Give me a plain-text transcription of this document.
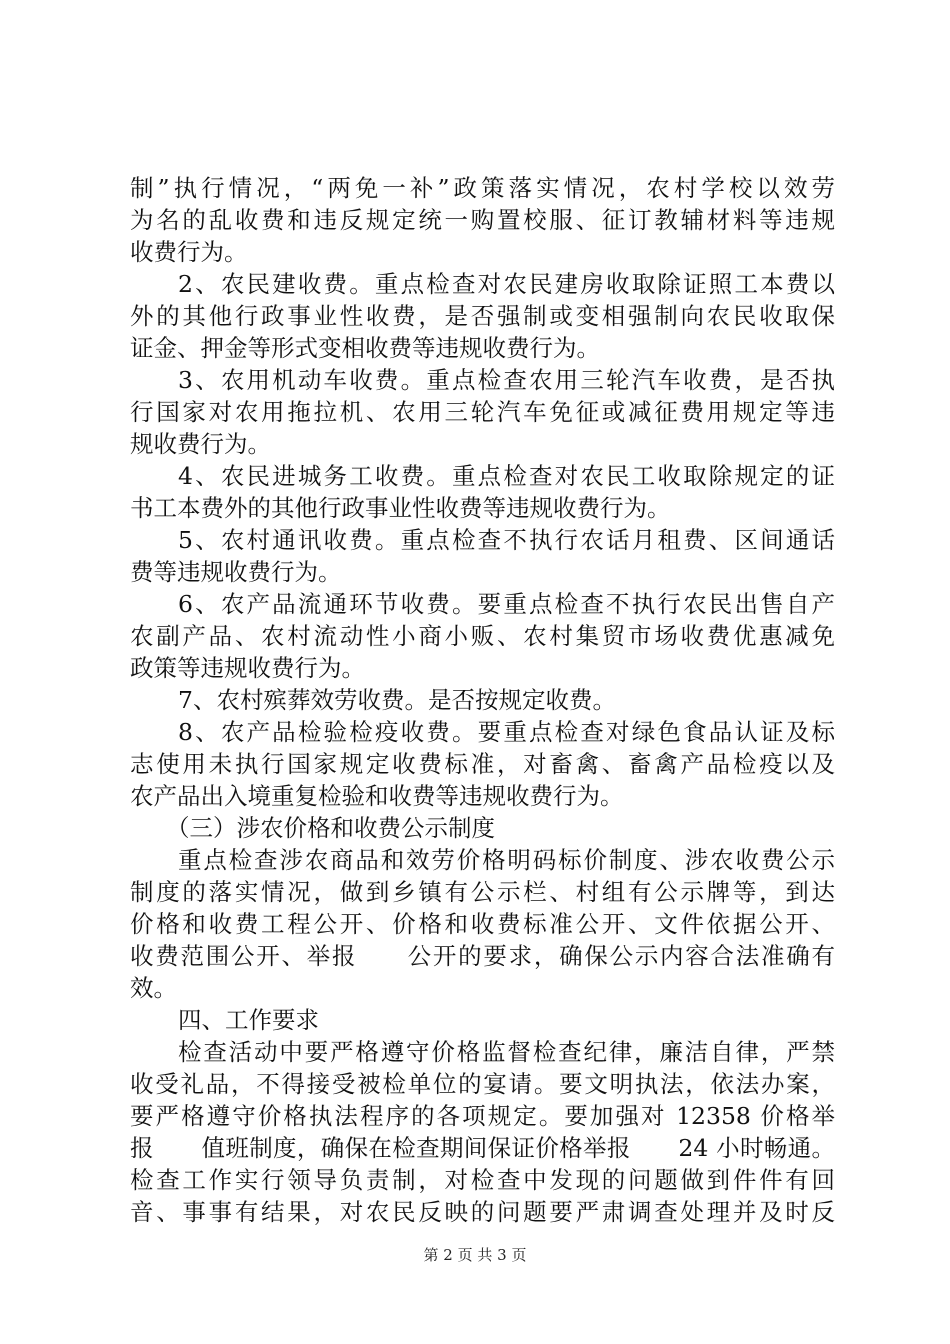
制”执行情况，“两免一补”政策落实情况，农村学校以效劳
为名的乱收费和违反规定统一购置校服、征订教辅材料等违规
收费行为。
2、农民建收费。重点检查对农民建房收取除证照工本费以
外的其他行政事业性收费，是否强制或变相强制向农民收取保
证金、押金等形式变相收费等违规收费行为。
3、农用机动车收费。重点检查农用三轮汽车收费，是否执
行国家对农用拖拉机、农用三轮汽车免征或减征费用规定等违
规收费行为。
4、农民进城务工收费。重点检查对农民工收取除规定的证
书工本费外的其他行政事业性收费等违规收费行为。
5、农村通讯收费。重点检查不执行农话月租费、区间通话
费等违规收费行为。
6、农产品流通环节收费。要重点检查不执行农民出售自产
农副产品、农村流动性小商小贩、农村集贸市场收费优惠减免
政策等违规收费行为。
7、农村殡葬效劳收费。是否按规定收费。
8、农产品检验检疫收费。要重点检查对绿色食品认证及标
志使用未执行国家规定收费标准，对畜禽、畜禽产品检疫以及
农产品出入境重复检验和收费等违规收费行为。
（三）涉农价格和收费公示制度
重点检查涉农商品和效劳价格明码标价制度、涉农收费公示
制度的落实情况，做到乡镇有公示栏、村组有公示牌等，到达
价格和收费工程公开、价格和收费标准公开、文件依据公开、
收费范围公开、举报　　公开的要求，确保公示内容合法准确有
效。
四、工作要求
检查活动中要严格遵守价格监督检查纪律，廉洁自律，严禁
收受礼品，不得接受被检单位的宴请。要文明执法，依法办案，
要严格遵守价格执法程序的各项规定。要加强对 12358 价格举
报　　值班制度，确保在检查期间保证价格举报　　24 小时畅通。
检查工作实行领导负责制，对检查中发现的问题做到件件有回
音、事事有结果，对农民反映的问题要严肃调查处理并及时反
第 2 页 共 3 页
